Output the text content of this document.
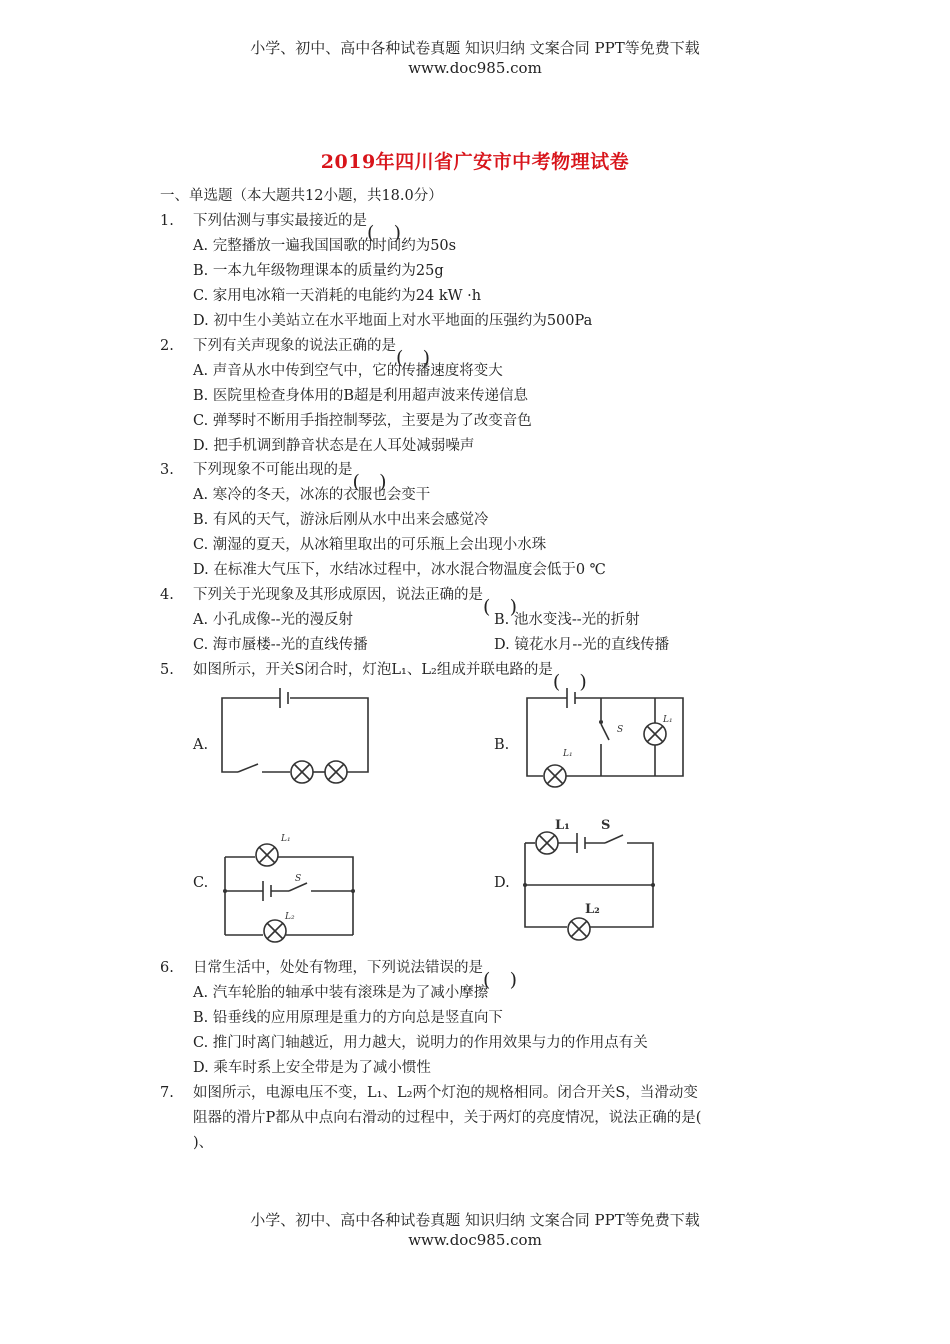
小学、初中、高中各种试卷真题 知识归纳 文案合同 PPT等免费下载
www.doc985.com
2019年四川省广安市中考物理试卷
一、单选题（本大题共12小题，共18.0分）
1. 下列估测与事实最接近的是
A. 完整播放一遍我国国歌的时间约为50s
B. 一本九年级物理课本的质量约为25g
C. 家用电冰箱一天消耗的电能约为24 kW ·h
D. 初中生小美站立在水平地面上对水平地面的压强约为500Pa
2. 下列有关声现象的说法正确的是
A. 声音从水中传到空气中，它的传播速度将变大
B. 医院里检查身体用的B超是利用超声波来传递信息
C. 弹琴时不断用手指控制琴弦，主要是为了改变音色
D. 把手机调到静音状态是在人耳处减弱噪声
3. 下列现象不可能出现的是
A. 寒冷的冬天，冰冻的衣服也会变干
B. 有风的天气，游泳后刚从水中出来会感觉冷
C. 潮湿的夏天，从冰箱里取出的可乐瓶上会出现小水珠
D. 在标准大气压下，水结冰过程中，冰水混合物温度会低于0 ℃
4. 下列关于光现象及其形成原因，说法正确的是
A. 小孔成像--光的漫反射	B. 池水变浅--光的折射
C. 海市蜃楼--光的直线传播	D. 镜花水月--光的直线传播
5. 如图所示，开关S闭合时，灯泡L₁、L₂组成并联电路的是
A.	B.
C.	D.
S
L₁
L₁
L₁
S
L₂
L₁ S
L₂
6. 日常生活中，处处有物理，下列说法错误的是
A. 汽车轮胎的轴承中装有滚珠是为了减小摩擦
B. 铅垂线的应用原理是重力的方向总是竖直向下
C. 推门时离门轴越近，用力越大，说明力的作用效果与力的作用点有关
D. 乘车时系上安全带是为了减小惯性
7. 如图所示，电源电压不变，L₁、L₂两个灯泡的规格相同。闭合开关S，当滑动变
阻器的滑片P都从中点向右滑动的过程中，关于两灯的亮度情况，说法正确的是(
)、
小学、初中、高中各种试卷真题 知识归纳 文案合同 PPT等免费下载
www.doc985.com
